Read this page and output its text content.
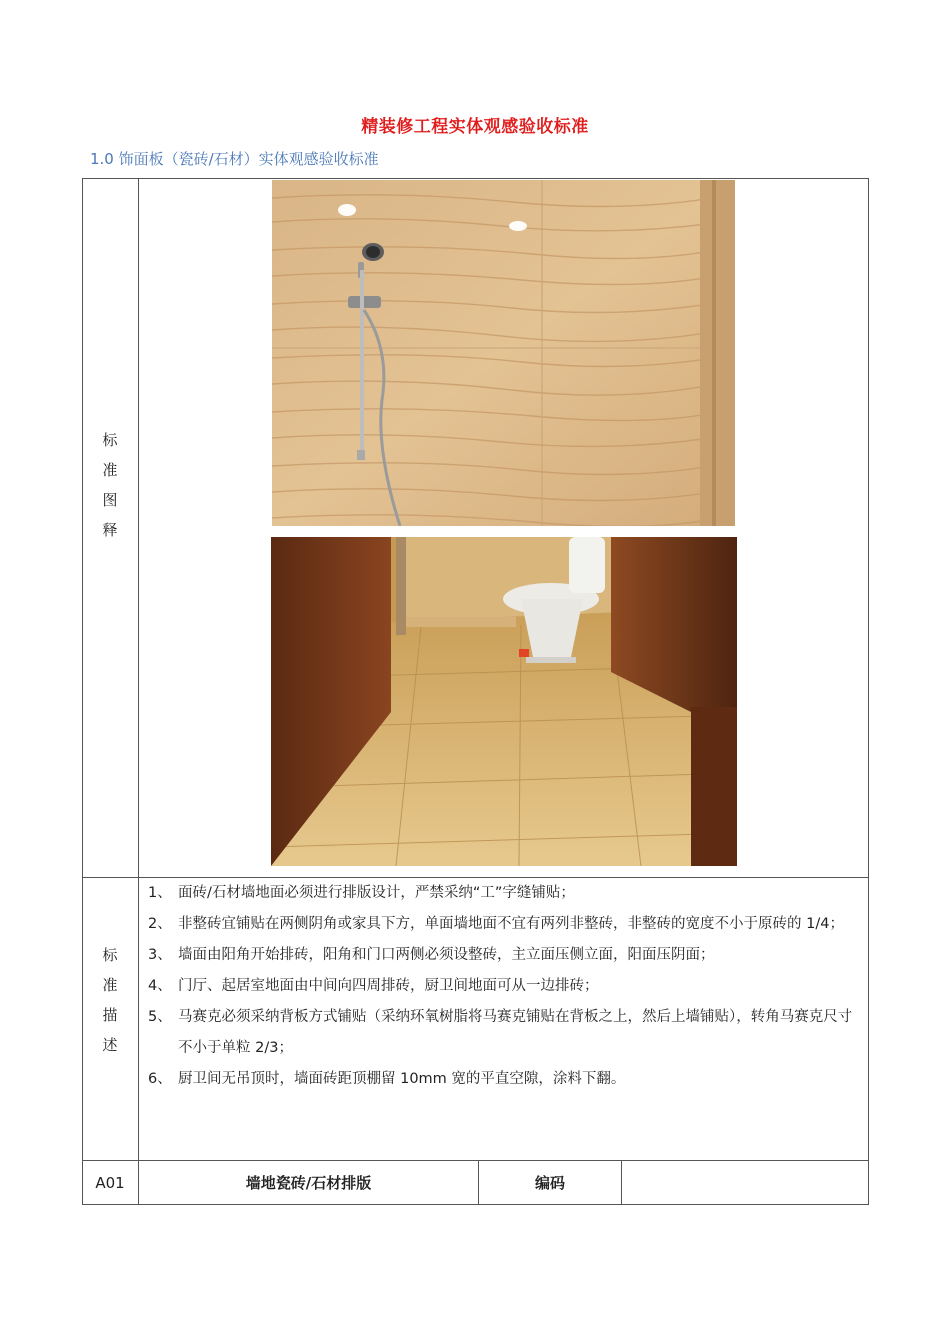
精装修工程实体观感验收标准
1.0 饰面板（瓷砖/石材）实体观感验收标准
标
准
图
释
标
准
描
述
1、 面砖/石材墙地面必须进行排版设计，严禁采纳“工”字缝铺贴；
2、 非整砖宜铺贴在两侧阴角或家具下方，单面墙地面不宜有两列非整砖，非整砖的宽度不小于原砖的 1/4；
3、 墙面由阳角开始排砖，阳角和门口两侧必须设整砖，主立面压侧立面，阳面压阴面；
4、 门厅、起居室地面由中间向四周排砖，厨卫间地面可从一边排砖；
5、 马赛克必须采纳背板方式铺贴（采纳环氧树脂将马赛克铺贴在背板之上，然后上墙铺贴），转角马赛克尺寸不小于单粒 2/3；
6、 厨卫间无吊顶时，墙面砖距顶棚留 10mm 宽的平直空隙，涂料下翻。
A01	墙地瓷砖/石材排版	编码
